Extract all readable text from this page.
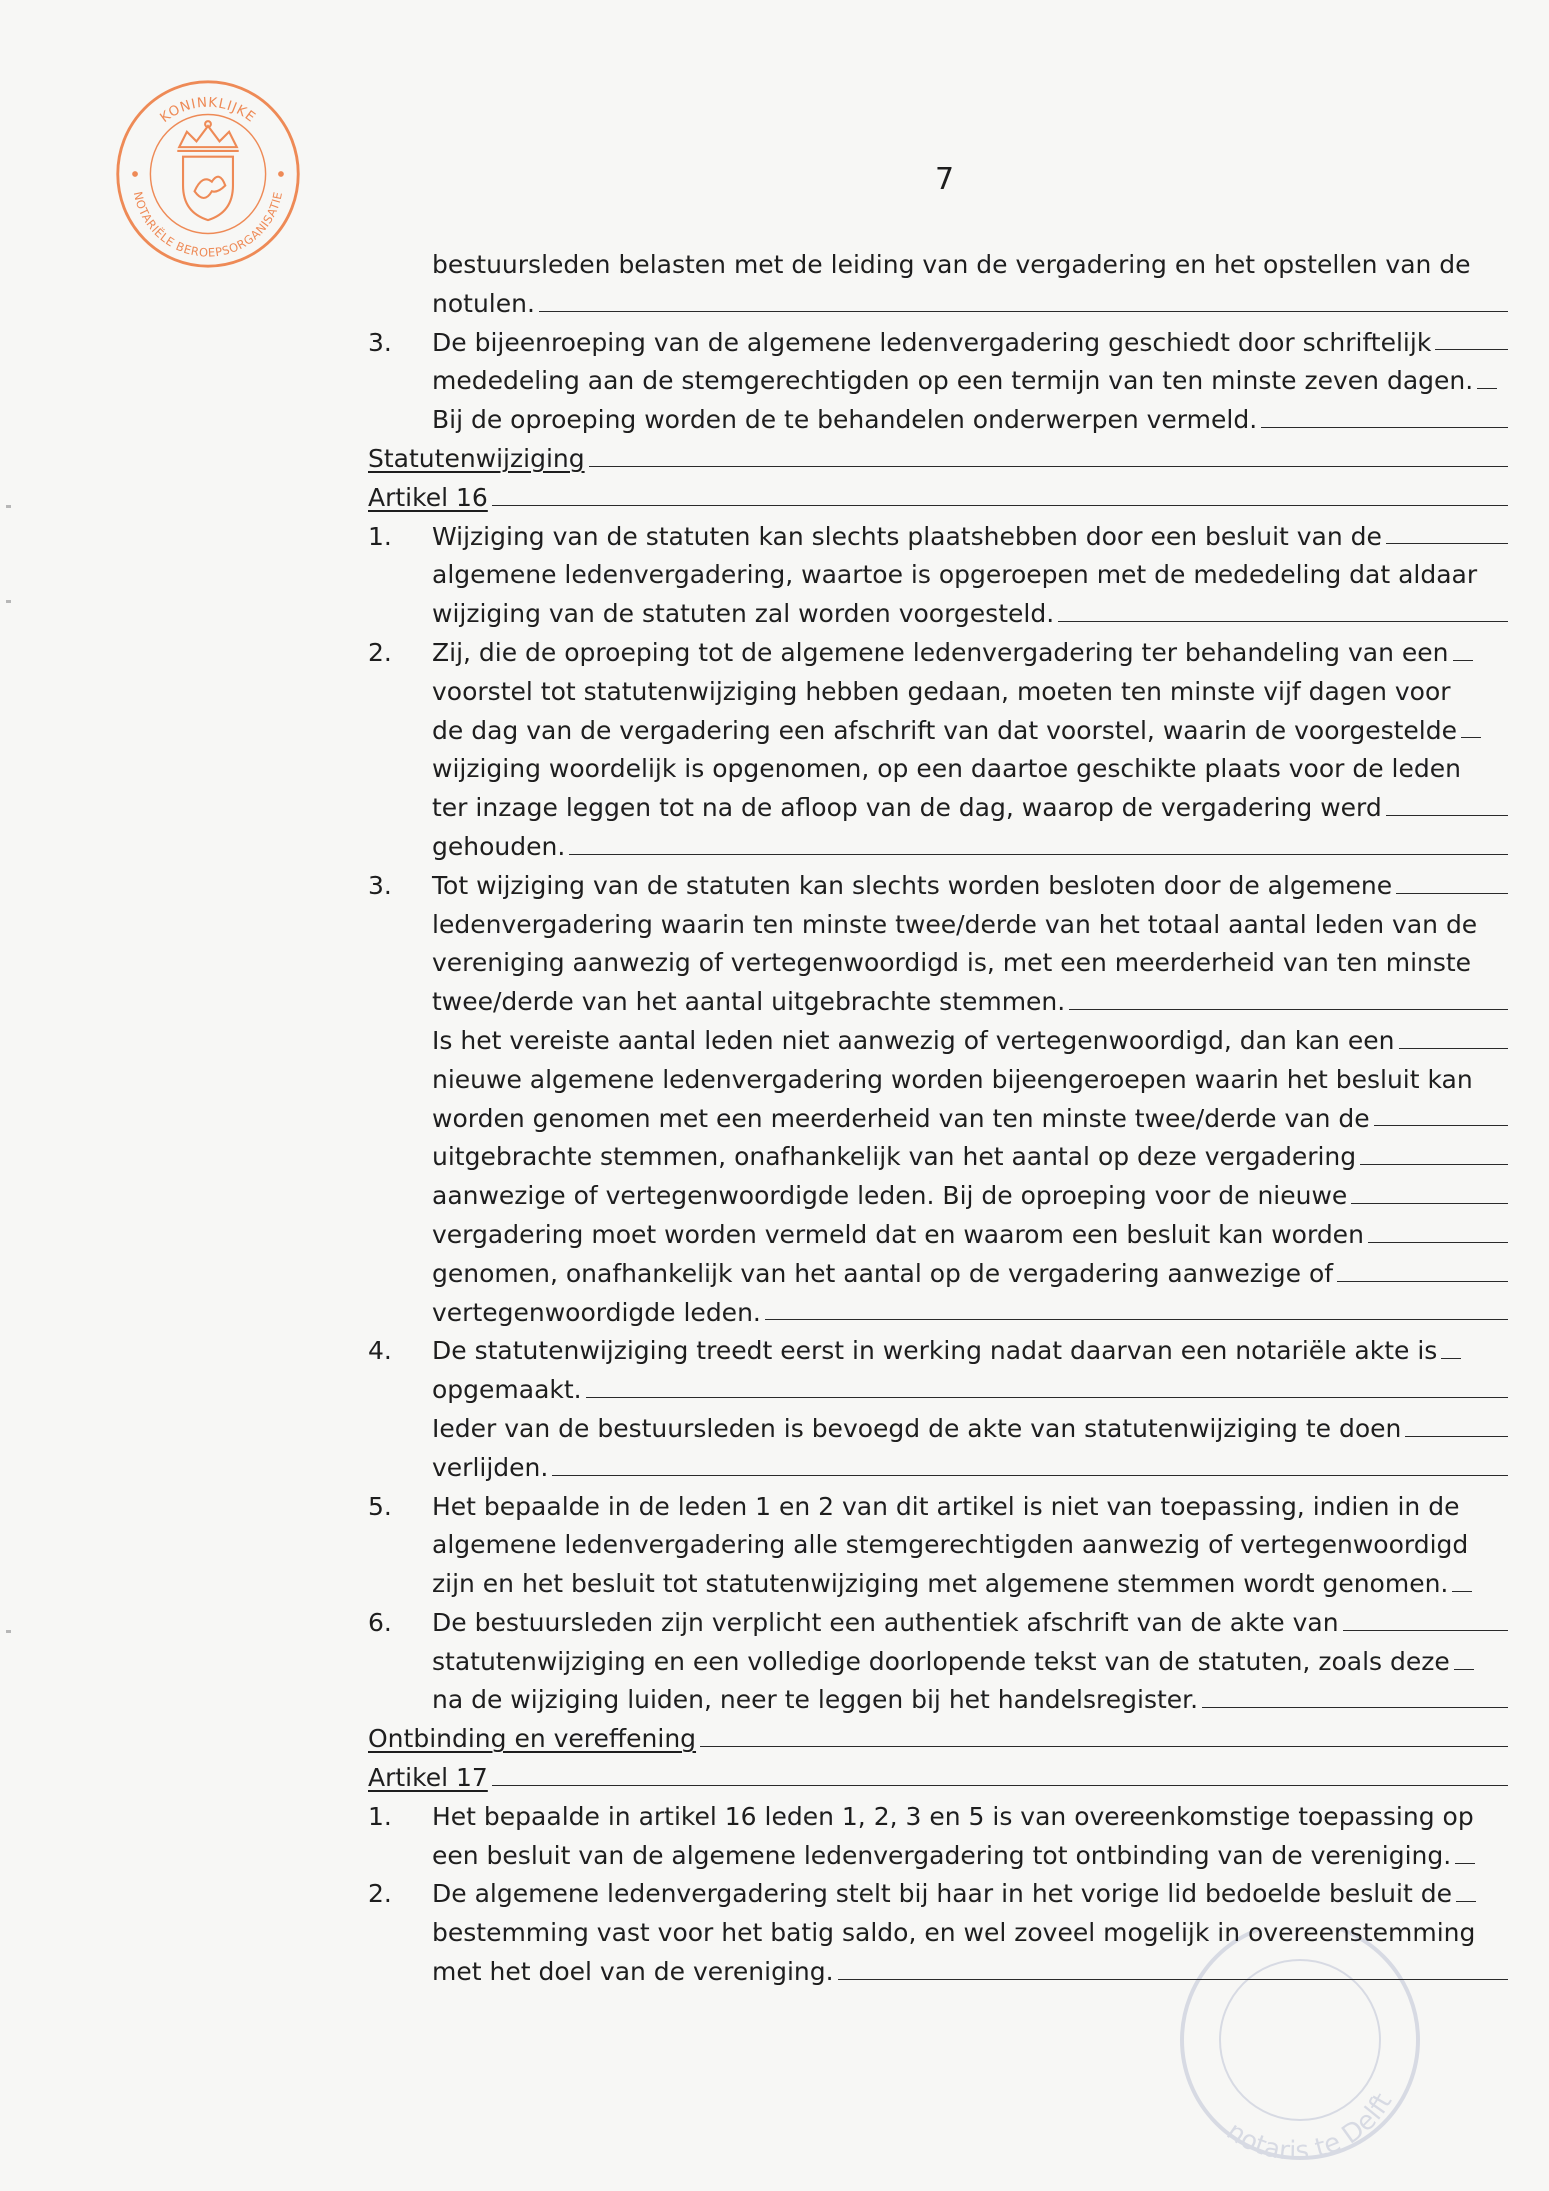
KONINKLIJKE
NOTARIËLE BEROEPSORGANISATIE
notaris te Delft
7
bestuursleden belasten met de leiding van de vergadering en het opstellen van de
notulen.
3.	De bijeenroeping van de algemene ledenvergadering geschiedt door schriftelijk
mededeling aan de stemgerechtigden op een termijn van ten minste zeven dagen.
Bij de oproeping worden de te behandelen onderwerpen vermeld.
Statutenwijziging
Artikel 16
1.	Wijziging van de statuten kan slechts plaatshebben door een besluit van de
algemene ledenvergadering, waartoe is opgeroepen met de mededeling dat aldaar
wijziging van de statuten zal worden voorgesteld.
2.	Zij, die de oproeping tot de algemene ledenvergadering ter behandeling van een
voorstel tot statutenwijziging hebben gedaan, moeten ten minste vijf dagen voor
de dag van de vergadering een afschrift van dat voorstel, waarin de voorgestelde
wijziging woordelijk is opgenomen, op een daartoe geschikte plaats voor de leden
ter inzage leggen tot na de afloop van de dag, waarop de vergadering werd
gehouden.
3.	Tot wijziging van de statuten kan slechts worden besloten door de algemene
ledenvergadering waarin ten minste twee/derde van het totaal aantal leden van de
vereniging aanwezig of vertegenwoordigd is, met een meerderheid van ten minste
twee/derde van het aantal uitgebrachte stemmen.
Is het vereiste aantal leden niet aanwezig of vertegenwoordigd, dan kan een
nieuwe algemene ledenvergadering worden bijeengeroepen waarin het besluit kan
worden genomen met een meerderheid van ten minste twee/derde van de
uitgebrachte stemmen, onafhankelijk van het aantal op deze vergadering
aanwezige of vertegenwoordigde leden. Bij de oproeping voor de nieuwe
vergadering moet worden vermeld dat en waarom een besluit kan worden
genomen, onafhankelijk van het aantal op de vergadering aanwezige of
vertegenwoordigde leden.
4.	De statutenwijziging treedt eerst in werking nadat daarvan een notariële akte is
opgemaakt.
Ieder van de bestuursleden is bevoegd de akte van statutenwijziging te doen
verlijden.
5.	Het bepaalde in de leden 1 en 2 van dit artikel is niet van toepassing, indien in de
algemene ledenvergadering alle stemgerechtigden aanwezig of vertegenwoordigd
zijn en het besluit tot statutenwijziging met algemene stemmen wordt genomen.
6.	De bestuursleden zijn verplicht een authentiek afschrift van de akte van
statutenwijziging en een volledige doorlopende tekst van de statuten, zoals deze
na de wijziging luiden, neer te leggen bij het handelsregister.
Ontbinding en vereffening
Artikel 17
1.	Het bepaalde in artikel 16 leden 1, 2, 3 en 5 is van overeenkomstige toepassing op
een besluit van de algemene ledenvergadering tot ontbinding van de vereniging.
2.	De algemene ledenvergadering stelt bij haar in het vorige lid bedoelde besluit de
bestemming vast voor het batig saldo, en wel zoveel mogelijk in overeenstemming
met het doel van de vereniging.
